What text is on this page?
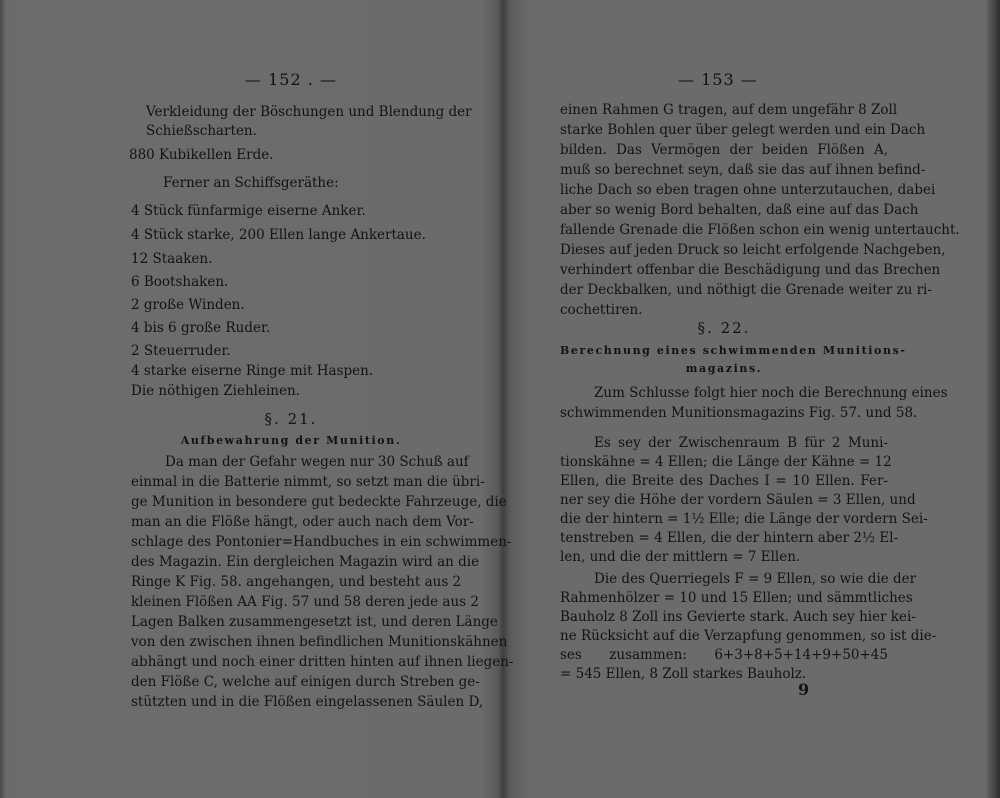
— 152 . —
Verkleidung der Böschungen und Blendung der
Schießscharten.
880 Kubikellen Erde.
Ferner an Schiffsgeräthe:
4 Stück fünfarmige eiserne Anker.
4 Stück starke, 200 Ellen lange Ankertaue.
12 Staaken.
6 Bootshaken.
2 große Winden.
4 bis 6 große Ruder.
2 Steuerruder.
4 starke eiserne Ringe mit Haspen.
Die nöthigen Ziehleinen.
§. 21.
Aufbewahrung der Munition.
Da man der Gefahr wegen nur 30 Schuß auf
einmal in die Batterie nimmt, so setzt man die übri-
ge Munition in besondere gut bedeckte Fahrzeuge, die
man an die Flöße hängt, oder auch nach dem Vor-
schlage des Pontonier=Handbuches in ein schwimmen-
des Magazin. Ein dergleichen Magazin wird an die
Ringe K Fig. 58. angehangen, und besteht aus 2
kleinen Flößen AA Fig. 57 und 58 deren jede aus 2
Lagen Balken zusammengesetzt ist, und deren Länge
von den zwischen ihnen befindlichen Munitionskähnen
abhängt und noch einer dritten hinten auf ihnen liegen-
den Flöße C, welche auf einigen durch Streben ge-
stützten und in die Flößen eingelassenen Säulen D,
— 153 —
einen Rahmen G tragen, auf dem ungefähr 8 Zoll
starke Bohlen quer über gelegt werden und ein Dach
bilden. Das Vermögen der beiden Flößen A,
muß so berechnet seyn, daß sie das auf ihnen befind-
liche Dach so eben tragen ohne unterzutauchen, dabei
aber so wenig Bord behalten, daß eine auf das Dach
fallende Grenade die Flößen schon ein wenig untertaucht.
Dieses auf jeden Druck so leicht erfolgende Nachgeben,
verhindert offenbar die Beschädigung und das Brechen
der Deckbalken, und nöthigt die Grenade weiter zu ri-
cochettiren.
§. 22.
Berechnung eines schwimmenden Munitions-
magazins.
Zum Schlusse folgt hier noch die Berechnung eines
schwimmenden Munitionsmagazins Fig. 57. und 58.
Es sey der Zwischenraum B für 2 Muni-
tionskähne = 4 Ellen; die Länge der Kähne = 12
Ellen, die Breite des Daches I = 10 Ellen. Fer-
ner sey die Höhe der vordern Säulen = 3 Ellen, und
die der hintern = 1½ Elle; die Länge der vordern Sei-
tenstreben = 4 Ellen, die der hintern aber 2½ El-
len, und die der mittlern = 7 Ellen.
Die des Querriegels F = 9 Ellen, so wie die der
Rahmenhölzer = 10 und 15 Ellen; und sämmtliches
Bauholz 8 Zoll ins Gevierte stark. Auch sey hier kei-
ne Rücksicht auf die Verzapfung genommen, so ist die-
ses zusammen: 6+3+8+5+14+9+50+45
= 545 Ellen, 8 Zoll starkes Bauholz.
9
